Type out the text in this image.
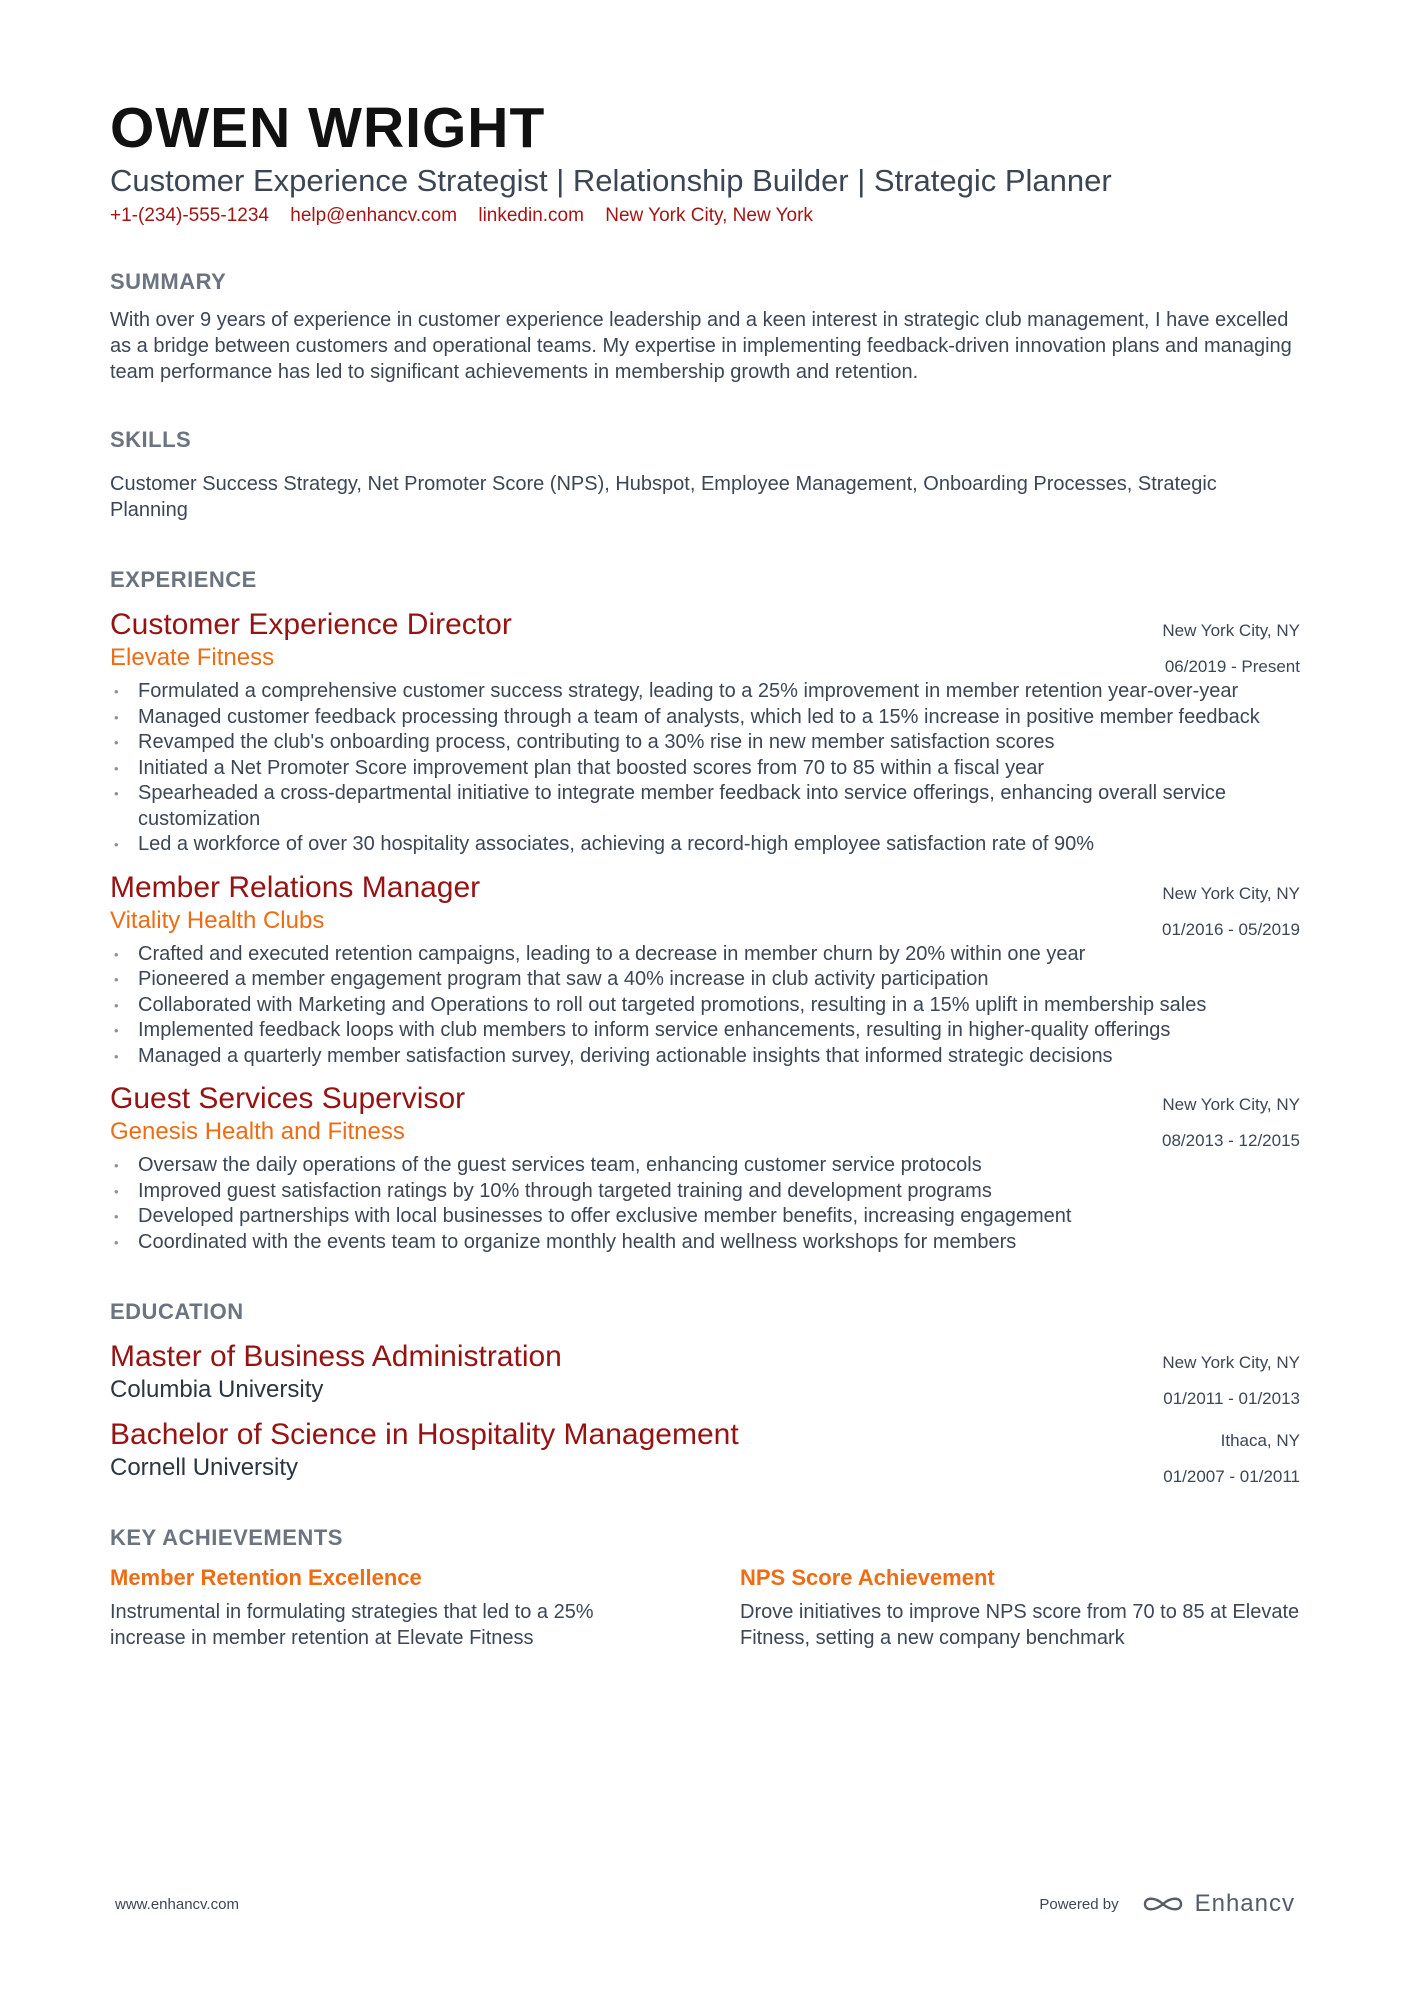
OWEN WRIGHT
Customer Experience Strategist | Relationship Builder | Strategic Planner
+1-(234)-555-1234 help@enhancv.com linkedin.com New York City, New York
SUMMARY
With over 9 years of experience in customer experience leadership and a keen interest in strategic club management, I have excelled as a bridge between customers and operational teams. My expertise in implementing feedback-driven innovation plans and managing team performance has led to significant achievements in membership growth and retention.
SKILLS
Customer Success Strategy, Net Promoter Score (NPS), Hubspot, Employee Management, Onboarding Processes, Strategic Planning
EXPERIENCE
Customer Experience Director
Elevate Fitness
New York City, NY
06/2019 - Present
• Formulated a comprehensive customer success strategy, leading to a 25% improvement in member retention year-over-year
• Managed customer feedback processing through a team of analysts, which led to a 15% increase in positive member feedback
• Revamped the club's onboarding process, contributing to a 30% rise in new member satisfaction scores
• Initiated a Net Promoter Score improvement plan that boosted scores from 70 to 85 within a fiscal year
• Spearheaded a cross-departmental initiative to integrate member feedback into service offerings, enhancing overall service customization
• Led a workforce of over 30 hospitality associates, achieving a record-high employee satisfaction rate of 90%
Member Relations Manager
Vitality Health Clubs
New York City, NY
01/2016 - 05/2019
• Crafted and executed retention campaigns, leading to a decrease in member churn by 20% within one year
• Pioneered a member engagement program that saw a 40% increase in club activity participation
• Collaborated with Marketing and Operations to roll out targeted promotions, resulting in a 15% uplift in membership sales
• Implemented feedback loops with club members to inform service enhancements, resulting in higher-quality offerings
• Managed a quarterly member satisfaction survey, deriving actionable insights that informed strategic decisions
Guest Services Supervisor
Genesis Health and Fitness
New York City, NY
08/2013 - 12/2015
• Oversaw the daily operations of the guest services team, enhancing customer service protocols
• Improved guest satisfaction ratings by 10% through targeted training and development programs
• Developed partnerships with local businesses to offer exclusive member benefits, increasing engagement
• Coordinated with the events team to organize monthly health and wellness workshops for members
EDUCATION
Master of Business Administration
Columbia University
New York City, NY
01/2011 - 01/2013
Bachelor of Science in Hospitality Management
Cornell University
Ithaca, NY
01/2007 - 01/2011
KEY ACHIEVEMENTS
Member Retention Excellence
Instrumental in formulating strategies that led to a 25% increase in member retention at Elevate Fitness
NPS Score Achievement
Drove initiatives to improve NPS score from 70 to 85 at Elevate Fitness, setting a new company benchmark
www.enhancv.com	Powered by	Enhancv
